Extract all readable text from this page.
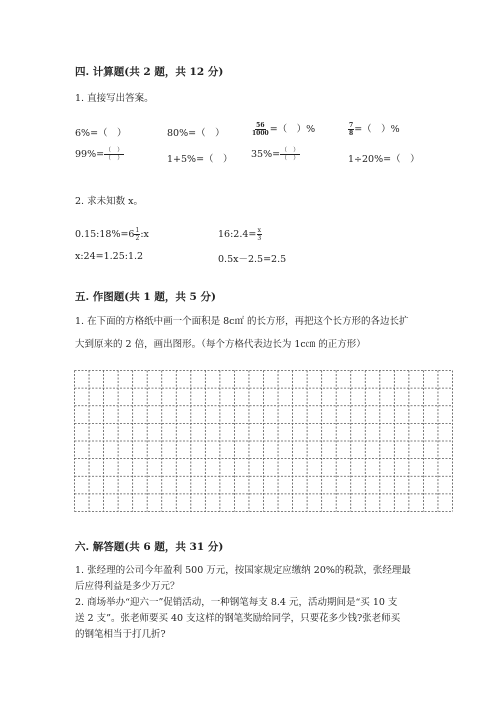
四. 计算题(共 2 题，共 12 分)
1. 直接写出答案。
6%=（　）	80%=（　）	$\frac{56}{1000}$ =（　）%	$\frac{7}{8}$ =（　）%
$99\%= \frac{( )}{( )}$	1+5%=（　） $35\%= \frac{( )}{( )}$	1÷20%=（　）
2. 求未知数 x。
0.15:18%=6 $\frac{1}{2}$ :x	16:2.4= $\frac{x}{3}$
x:24=1.25:1.2	0.5x－2.5=2.5
五. 作图题(共 1 题，共 5 分)
1. 在下面的方格纸中画一个面积是 8c㎡ 的长方形，再把这个长方形的各边长扩
大到原来的 2 倍，画出图形。（每个方格代表边长为 1c㎝ 的正方形）
六. 解答题(共 6 题，共 31 分)
1. 张经理的公司今年盈利 500 万元，按国家规定应缴纳 20%的税款，张经理最
后应得利益是多少万元？
2. 商场举办“迎六一”促销活动，一种钢笔每支 8.4 元，活动期间是“买 10 支
送 2 支”。张老师要买 40 支这样的钢笔奖励给同学，只要花多少钱?张老师买
的钢笔相当于打几折?
